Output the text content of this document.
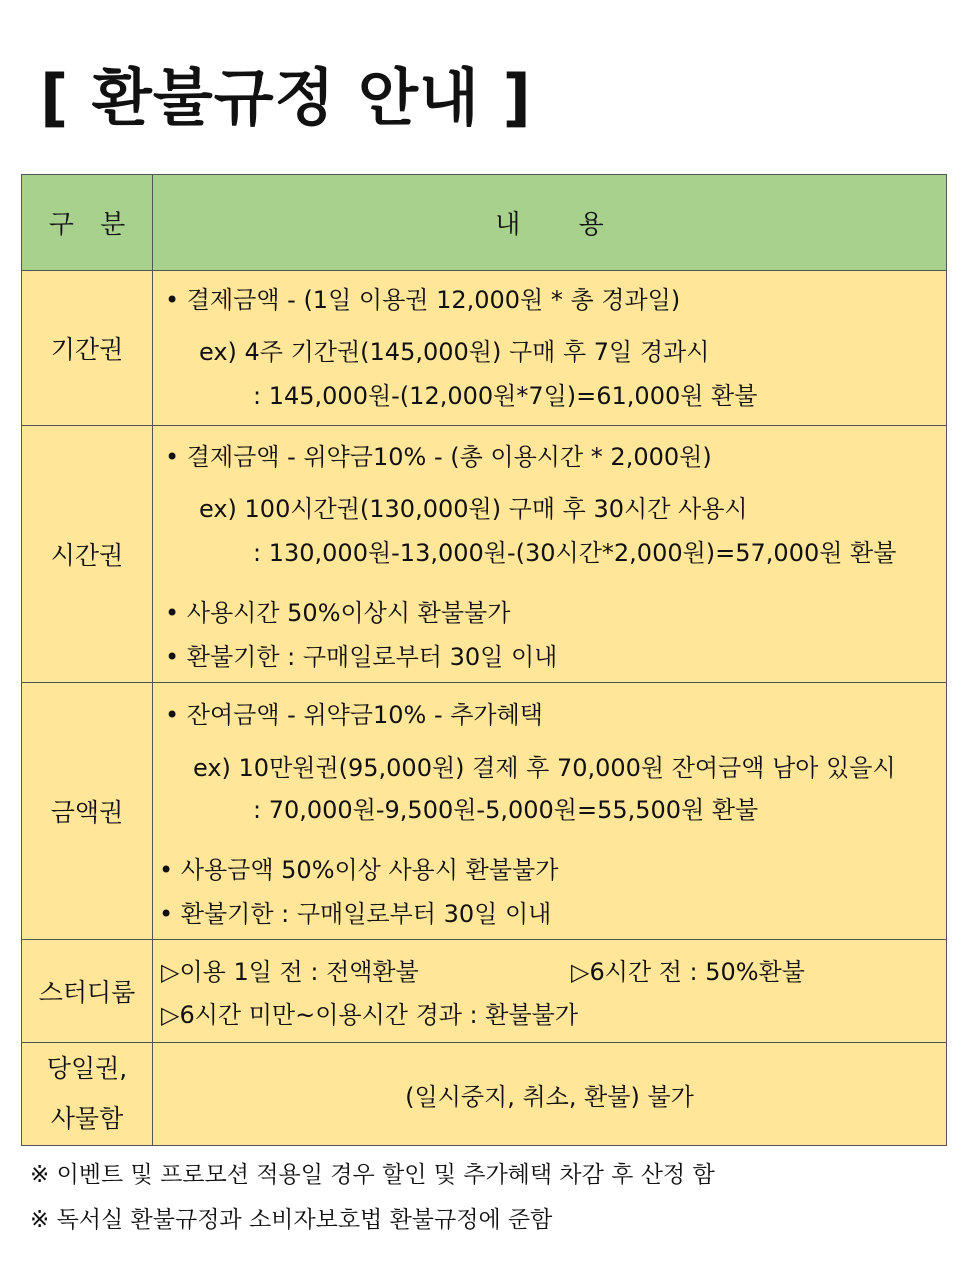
[ 환불규정 안내 ]
구 분	내 용
기간권	• 결제금액 - (1일 이용권 12,000원 * 총 경과일)
ex) 4주 기간권(145,000원) 구매 후 7일 경과시
: 145,000원-(12,000원*7일)=61,000원 환불

시간권	• 결제금액 - 위약금10% - (총 이용시간 * 2,000원)
ex) 100시간권(130,000원) 구매 후 30시간 사용시
: 130,000원-13,000원-(30시간*2,000원)=57,000원 환불
• 사용시간 50%이상시 환불불가
• 환불기한 : 구매일로부터 30일 이내

금액권	• 잔여금액 - 위약금10% - 추가혜택
ex) 10만원권(95,000원) 결제 후 70,000원 잔여금액 남아 있을시
: 70,000원-9,500원-5,000원=55,500원 환불
• 사용금액 50%이상 사용시 환불불가
• 환불기한 : 구매일로부터 30일 이내

스터디룸	▷이용 1일 전 : 전액환불 ▷6시간 전 : 50%환불
▷6시간 미만~이용시간 경과 : 환불불가

당일권,
사물함	(일시중지, 취소, 환불) 불가
※ 이벤트 및 프로모션 적용일 경우 할인 및 추가혜택 차감 후 산정 함
※ 독서실 환불규정과 소비자보호법 환불규정에 준함
